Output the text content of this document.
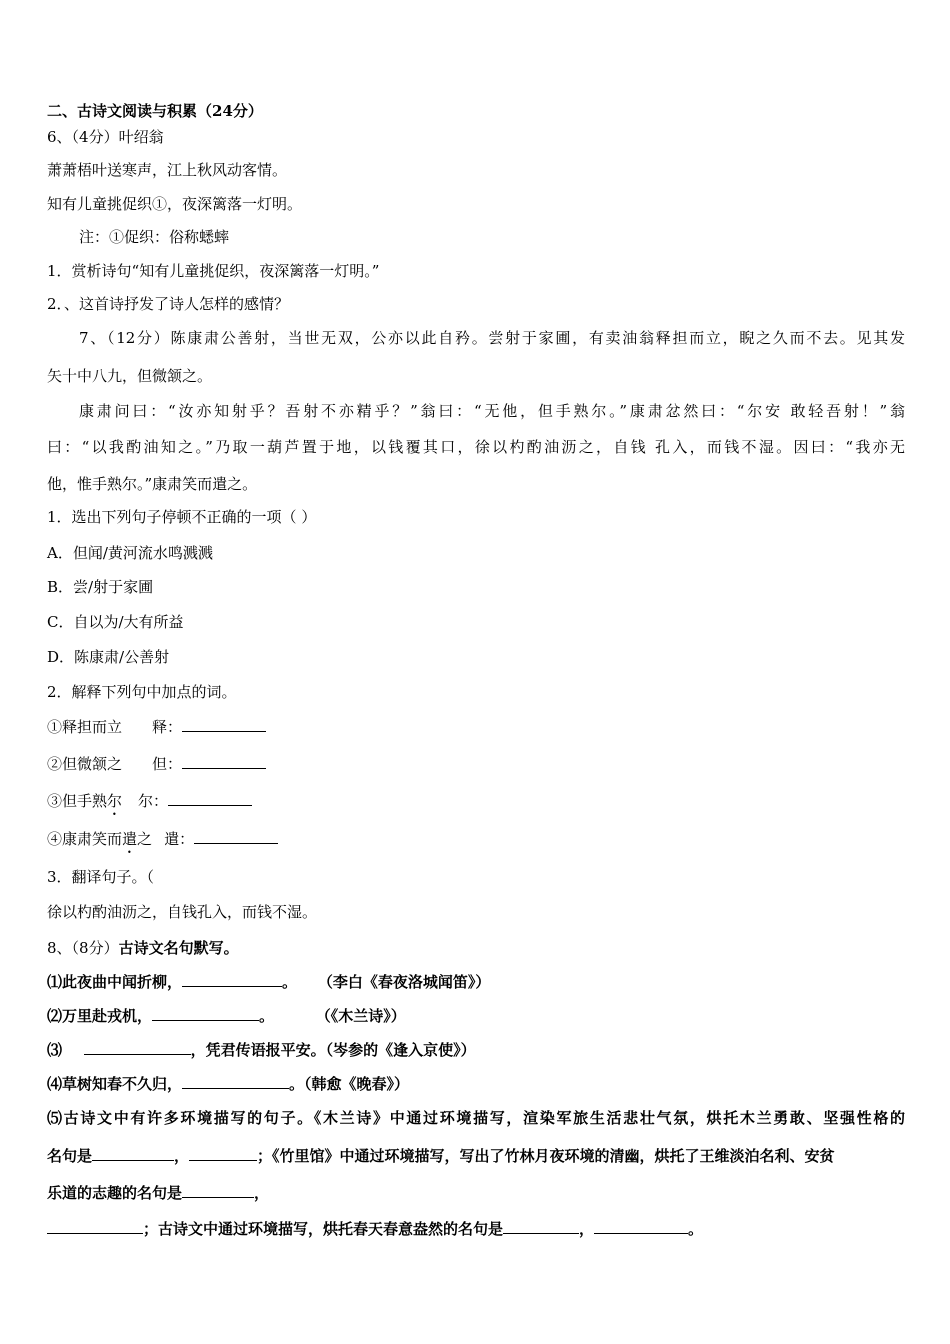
二、古诗文阅读与积累（24分）
6、（4分）叶绍翁
萧萧梧叶送寒声，江上秋风动客情。
知有儿童挑促织①，夜深篱落一灯明。
注：①促织：俗称蟋蟀
1．赏析诗句“知有儿童挑促织，夜深篱落一灯明。”
2．、这首诗抒发了诗人怎样的感情？
7、（12分）陈康肃公善射，当世无双，公亦以此自矜。尝射于家圃，有卖油翁释担而立，睨之久而不去。见其发
矢十中八九，但微颔之。
康肃问曰：“汝亦知射乎？吾射不亦精乎？”翁曰：“无他，但手熟尔。”康肃忿然曰：“尔安 敢轻吾射！”翁
曰：“以我酌油知之。”乃取一葫芦置于地，以钱覆其口，徐以杓酌油沥之，自钱 孔入，而钱不湿。因曰：“我亦无
他，惟手熟尔。”康肃笑而遣之。
1．选出下列句子停顿不正确的一项（ ）
A．但闻/黄河流水鸣溅溅
B．尝/射于家圃
C．自以为/大有所益
D．陈康肃/公善射
2．解释下列句中加点的词。
①释担而立 释：
②但微颔之 但：
③但手熟尔 尔：
④康肃笑而遣之 遣：
3．翻译句子。（
徐以杓酌油沥之，自钱孔入，而钱不湿。
8、（8分）古诗文名句默写。
⑴此夜曲中闻折柳，	。    （李白《春夜洛城闻笛》）
⑵万里赴戎机，	。        （《木兰诗》）
⑶	，凭君传语报平安。（岑参的《逢入京使》）
⑷草树知春不久归，	。（韩愈《晚春》）
⑸古诗文中有许多环境描写的句子。《木兰诗》中通过环境描写，渲染军旅生活悲壮气氛，烘托木兰勇敢、坚强性格的
名句是	，	；《竹里馆》中通过环境描写，写出了竹林月夜环境的清幽，烘托了王维淡泊名利、安贫
乐道的志趣的名句是	，
；古诗文中通过环境描写，烘托春天春意盎然的名句是	，	。
